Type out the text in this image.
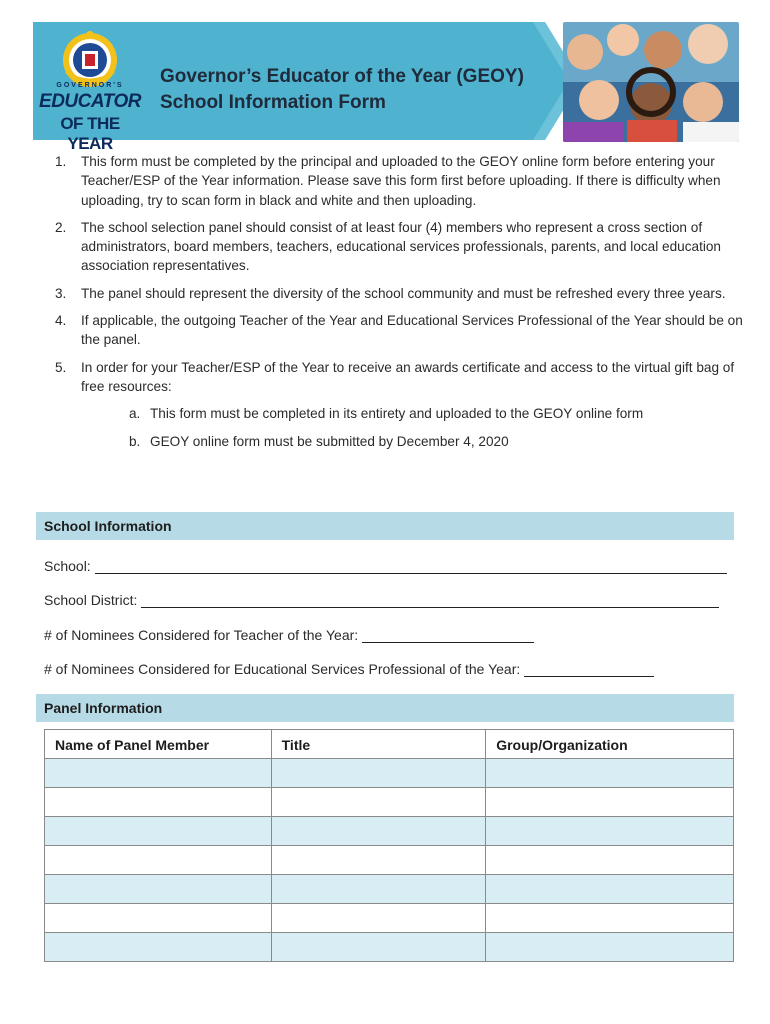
GOVERNOR'S
EDUCATOR
OF THE YEAR
Governor’s Educator of the Year (GEOY)
School Information Form
1. This form must be completed by the principal and uploaded to the GEOY online form before entering your Teacher/ESP of the Year information. Please save this form first before uploading. If there is difficulty when uploading, try to scan form in black and white and then uploading.
2. The school selection panel should consist of at least four (4) members who represent a cross section of administrators, board members, teachers, educational services professionals, parents, and local education association representatives.
3. The panel should represent the diversity of the school community and must be refreshed every three years.
4. If applicable, the outgoing Teacher of the Year and Educational Services Professional of the Year should be on the panel.
5. In order for your Teacher/ESP of the Year to receive an awards certificate and access to the virtual gift bag of free resources:
a. This form must be completed in its entirety and uploaded to the GEOY online form
b. GEOY online form must be submitted by December 4, 2020
School Information
School:
School District:
# of Nominees Considered for Teacher of the Year:
# of Nominees Considered for Educational Services Professional of the Year:
Panel Information
Name of Panel Member	Title	Group/Organization
